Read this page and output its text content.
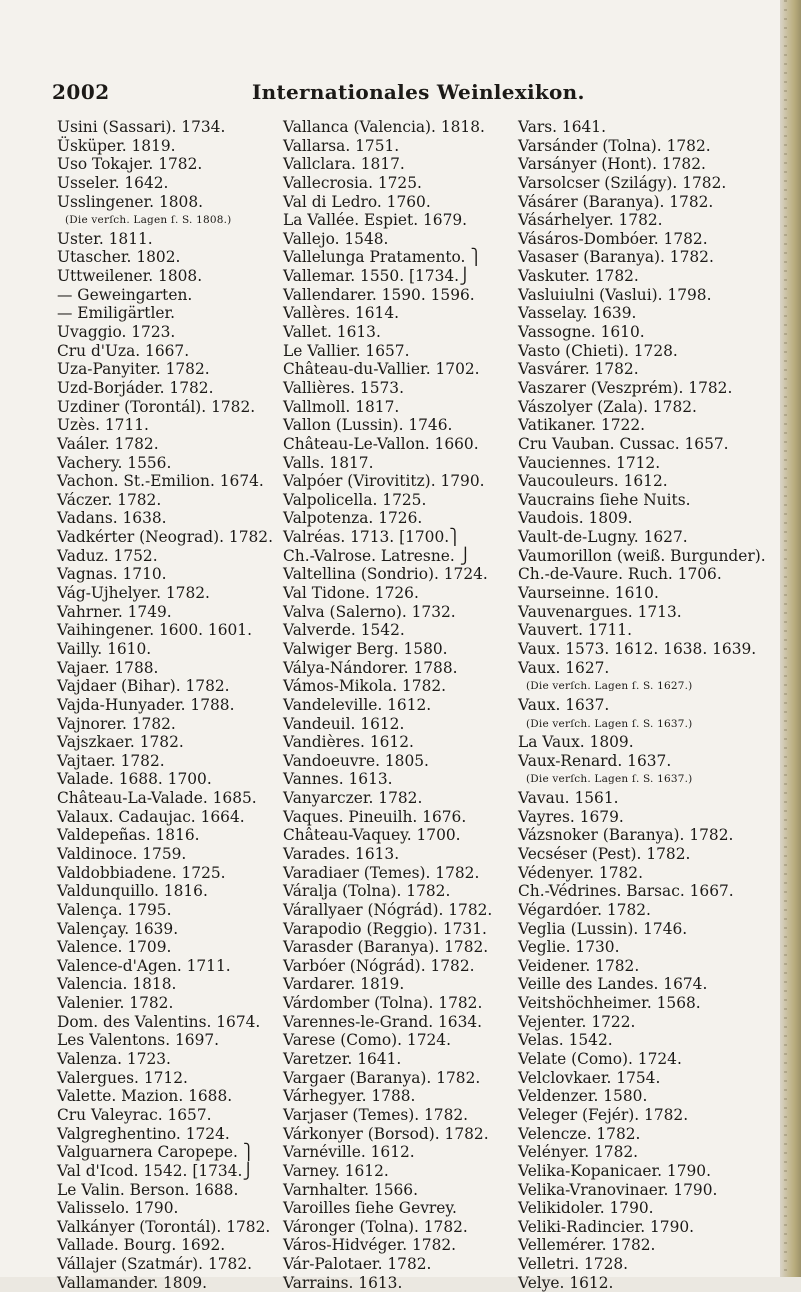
2002	Internationales Weinlexikon.
Usini (Sassari). 1734.
Üsküper. 1819.
Uso Tokajer. 1782.
Usseler. 1642.
Usslingener. 1808.
(Die verſch. Lagen ſ. S. 1808.)
Uster. 1811.
Utascher. 1802.
Uttweilener. 1808.
— Geweingarten.
— Emiligärtler.
Uvaggio. 1723.
Cru d'Uza. 1667.
Uza-Panyiter. 1782.
Uzd-Borjáder. 1782.
Uzdiner (Torontál). 1782.
Uzès. 1711.
Vaáler. 1782.
Vachery. 1556.
Vachon. St.-Emilion. 1674.
Váczer. 1782.
Vadans. 1638.
Vadkérter (Neograd). 1782.
Vaduz. 1752.
Vagnas. 1710.
Vág-Ujhelyer. 1782.
Vahrner. 1749.
Vaihingener. 1600. 1601.
Vailly. 1610.
Vajaer. 1788.
Vajdaer (Bihar). 1782.
Vajda-Hunyader. 1788.
Vajnorer. 1782.
Vajszkaer. 1782.
Vajtaer. 1782.
Valade. 1688. 1700.
Château-La-Valade. 1685.
Valaux. Cadaujac. 1664.
Valdepeñas. 1816.
Valdinoce. 1759.
Valdobbiadene. 1725.
Valdunquillo. 1816.
Valença. 1795.
Valençay. 1639.
Valence. 1709.
Valence-d'Agen. 1711.
Valencia. 1818.
Valenier. 1782.
Dom. des Valentins. 1674.
Les Valentons. 1697.
Valenza. 1723.
Valergues. 1712.
Valette. Mazion. 1688.
Cru Valeyrac. 1657.
Valgreghentino. 1724.
Valguarnera Caropepe. ⎫
Val d'Icod. 1542. [1734.⎭
Le Valin. Berson. 1688.
Valisselo. 1790.
Valkányer (Torontál). 1782.
Vallade. Bourg. 1692.
Vállajer (Szatmár). 1782.
Vallamander. 1809.
Vallanca (Valencia). 1818.
Vallarsa. 1751.
Vallclara. 1817.
Vallecrosia. 1725.
Val di Ledro. 1760.
La Vallée. Espiet. 1679.
Vallejo. 1548.
Vallelunga Pratamento. ⎫
Vallemar. 1550. [1734.⎭
Vallendarer. 1590. 1596.
Vallères. 1614.
Vallet. 1613.
Le Vallier. 1657.
Château-du-Vallier. 1702.
Vallières. 1573.
Vallmoll. 1817.
Vallon (Lussin). 1746.
Château-Le-Vallon. 1660.
Valls. 1817.
Valpóer (Virovititz). 1790.
Valpolicella. 1725.
Valpotenza. 1726.
Valréas. 1713. [1700.⎫
Ch.-Valrose. Latresne. ⎭
Valtellina (Sondrio). 1724.
Val Tidone. 1726.
Valva (Salerno). 1732.
Valverde. 1542.
Valwiger Berg. 1580.
Vályа-Nándorer. 1788.
Vámos-Mikola. 1782.
Vandeleville. 1612.
Vandeuil. 1612.
Vandières. 1612.
Vandoeuvre. 1805.
Vannes. 1613.
Vanyarczer. 1782.
Vaques. Pineuilh. 1676.
Château-Vaquey. 1700.
Varades. 1613.
Varadiaer (Temes). 1782.
Váralja (Tolna). 1782.
Várallyaer (Nógrád). 1782.
Varapodio (Reggio). 1731.
Varasder (Baranya). 1782.
Varbóer (Nógrád). 1782.
Vardarer. 1819.
Várdomber (Tolna). 1782.
Varennes-le-Grand. 1634.
Varese (Como). 1724.
Varetzer. 1641.
Vargaer (Baranya). 1782.
Várhegyer. 1788.
Varjaser (Temes). 1782.
Várkonyer (Borsod). 1782.
Varnéville. 1612.
Varney. 1612.
Varnhalter. 1566.
Varoilles ſiehe Gevrey.
Váronger (Tolna). 1782.
Város-Hidvéger. 1782.
Vár-Palotaer. 1782.
Varrains. 1613.
Vars. 1641.
Varsánder (Tolna). 1782.
Varsányer (Hont). 1782.
Varsolcser (Szilágy). 1782.
Vásárer (Baranya). 1782.
Vásárhelyer. 1782.
Vásáros-Dombóer. 1782.
Vasaser (Baranya). 1782.
Vaskuter. 1782.
Vasluiulni (Vaslui). 1798.
Vasselay. 1639.
Vassogne. 1610.
Vasto (Chieti). 1728.
Vasvárer. 1782.
Vaszarer (Veszprém). 1782.
Vászolyer (Zala). 1782.
Vatikaner. 1722.
Cru Vauban. Cussac. 1657.
Vauciennes. 1712.
Vaucouleurs. 1612.
Vaucrains ſiehe Nuits.
Vaudois. 1809.
Vault-de-Lugny. 1627.
Vaumorillon (weiß. Burgunder).
Ch.-de-Vaure. Ruch. 1706.
Vaurseinne. 1610.
Vauvenargues. 1713.
Vauvert. 1711.
Vaux. 1573. 1612. 1638. 1639.
Vaux. 1627.
(Die verſch. Lagen ſ. S. 1627.)
Vaux. 1637.
(Die verſch. Lagen ſ. S. 1637.)
La Vaux. 1809.
Vaux-Renard. 1637.
(Die verſch. Lagen ſ. S. 1637.)
Vavau. 1561.
Vayres. 1679.
Vázsnoker (Baranya). 1782.
Vecséser (Pest). 1782.
Védenyer. 1782.
Ch.-Védrines. Barsac. 1667.
Végardóer. 1782.
Veglia (Lussin). 1746.
Veglie. 1730.
Veidener. 1782.
Veille des Landes. 1674.
Veitshöchheimer. 1568.
Vejenter. 1722.
Velas. 1542.
Velate (Como). 1724.
Velclovkaer. 1754.
Veldenzer. 1580.
Veleger (Fejér). 1782.
Velencze. 1782.
Velényer. 1782.
Velika-Kopanicaer. 1790.
Velika-Vranovinaer. 1790.
Velikidoler. 1790.
Veliki-Radincier. 1790.
Vellemérer. 1782.
Velletri. 1728.
Velye. 1612.
